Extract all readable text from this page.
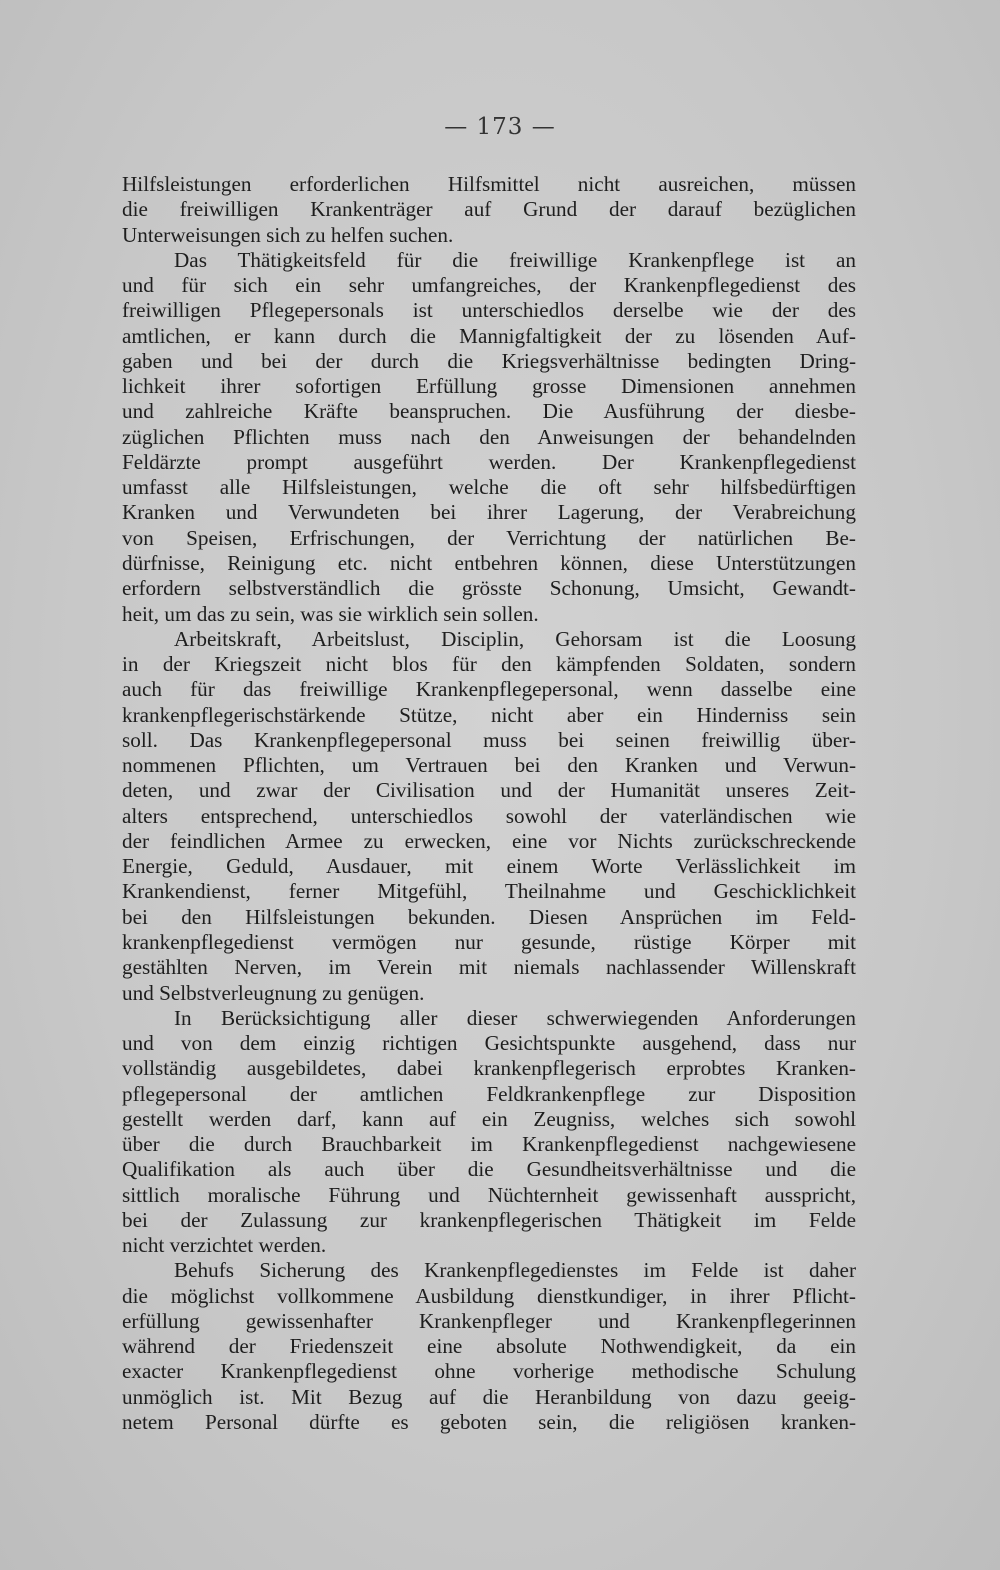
— 173 —
Hilfsleistungen erforderlichen Hilfsmittel nicht ausreichen, müssen
die freiwilligen Krankenträger auf Grund der darauf bezüglichen
Unterweisungen sich zu helfen suchen.
Das Thätigkeitsfeld für die freiwillige Krankenpflege ist an
und für sich ein sehr umfangreiches, der Krankenpflegedienst des
freiwilligen Pflegepersonals ist unterschiedlos derselbe wie der des
amtlichen, er kann durch die Mannigfaltigkeit der zu lösenden Auf-
gaben und bei der durch die Kriegsverhältnisse bedingten Dring-
lichkeit ihrer sofortigen Erfüllung grosse Dimensionen annehmen
und zahlreiche Kräfte beanspruchen. Die Ausführung der diesbe-
züglichen Pflichten muss nach den Anweisungen der behandelnden
Feldärzte prompt ausgeführt werden. Der Krankenpflegedienst
umfasst alle Hilfsleistungen, welche die oft sehr hilfsbedürftigen
Kranken und Verwundeten bei ihrer Lagerung, der Verabreichung
von Speisen, Erfrischungen, der Verrichtung der natürlichen Be-
dürfnisse, Reinigung etc. nicht entbehren können, diese Unterstützungen
erfordern selbstverständlich die grösste Schonung, Umsicht, Gewandt-
heit, um das zu sein, was sie wirklich sein sollen.
Arbeitskraft, Arbeitslust, Disciplin, Gehorsam ist die Loosung
in der Kriegszeit nicht blos für den kämpfenden Soldaten, sondern
auch für das freiwillige Krankenpflegepersonal, wenn dasselbe eine
krankenpflegerischstärkende Stütze, nicht aber ein Hinderniss sein
soll. Das Krankenpflegepersonal muss bei seinen freiwillig über-
nommenen Pflichten, um Vertrauen bei den Kranken und Verwun-
deten, und zwar der Civilisation und der Humanität unseres Zeit-
alters entsprechend, unterschiedlos sowohl der vaterländischen wie
der feindlichen Armee zu erwecken, eine vor Nichts zurückschreckende
Energie, Geduld, Ausdauer, mit einem Worte Verlässlichkeit im
Krankendienst, ferner Mitgefühl, Theilnahme und Geschicklichkeit
bei den Hilfsleistungen bekunden. Diesen Ansprüchen im Feld-
krankenpflegedienst vermögen nur gesunde, rüstige Körper mit
gestählten Nerven, im Verein mit niemals nachlassender Willenskraft
und Selbstverleugnung zu genügen.
In Berücksichtigung aller dieser schwerwiegenden Anforderungen
und von dem einzig richtigen Gesichtspunkte ausgehend, dass nur
vollständig ausgebildetes, dabei krankenpflegerisch erprobtes Kranken-
pflegepersonal der amtlichen Feldkrankenpflege zur Disposition
gestellt werden darf, kann auf ein Zeugniss, welches sich sowohl
über die durch Brauchbarkeit im Krankenpflegedienst nachgewiesene
Qualifikation als auch über die Gesundheitsverhältnisse und die
sittlich moralische Führung und Nüchternheit gewissenhaft ausspricht,
bei der Zulassung zur krankenpflegerischen Thätigkeit im Felde
nicht verzichtet werden.
Behufs Sicherung des Krankenpflegedienstes im Felde ist daher
die möglichst vollkommene Ausbildung dienstkundiger, in ihrer Pflicht-
erfüllung gewissenhafter Krankenpfleger und Krankenpflegerinnen
während der Friedenszeit eine absolute Nothwendigkeit, da ein
exacter Krankenpflegedienst ohne vorherige methodische Schulung
unmöglich ist. Mit Bezug auf die Heranbildung von dazu geeig-
netem Personal dürfte es geboten sein, die religiösen kranken-
